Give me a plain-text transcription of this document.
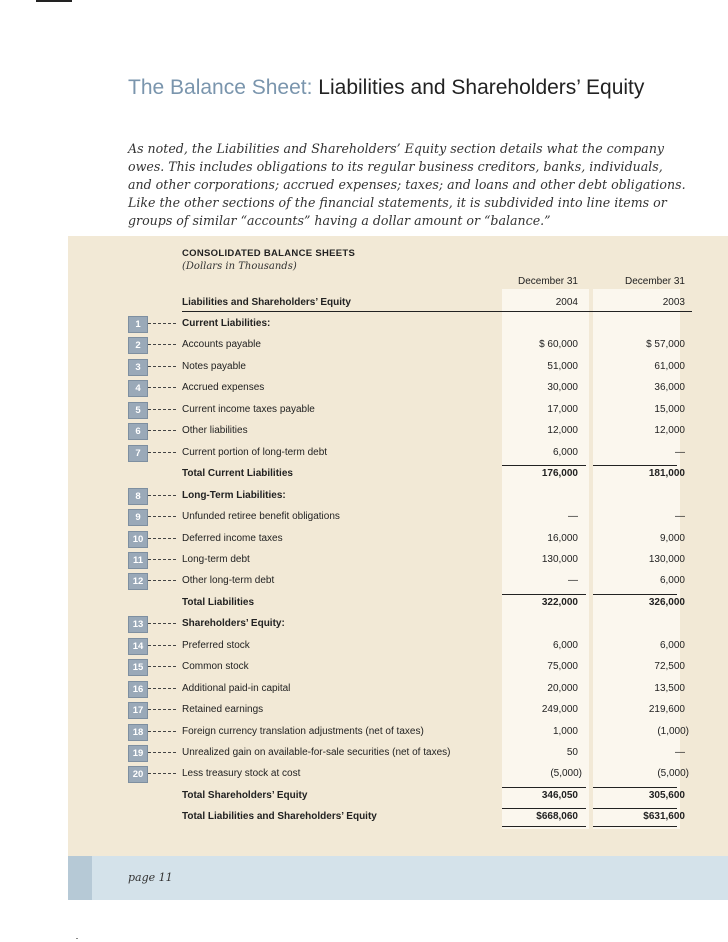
The Balance Sheet: Liabilities and Shareholders’ Equity
As noted, the Liabilities and Shareholders’ Equity section details what the company owes. This includes obligations to its regular business creditors, banks, individuals, and other corporations; accrued expenses; taxes; and loans and other debt obligations. Like the other sections of the financial statements, it is subdivided into line items or groups of similar “accounts” having a dollar amount or “balance.”
CONSOLIDATED BALANCE SHEETS
(Dollars in Thousands)
December 31	December 31
Liabilities and Shareholders’ Equity	2004	2003
1	Current Liabilities:
2	Accounts payable	$ 60,000	$ 57,000
3	Notes payable	51,000	61,000
4	Accrued expenses	30,000	36,000
5	Current income taxes payable	17,000	15,000
6	Other liabilities	12,000	12,000
7	Current portion of long-term debt	6,000	—
Total Current Liabilities	176,000	181,000
8	Long-Term Liabilities:
9	Unfunded retiree benefit obligations	—	—
10	Deferred income taxes	16,000	9,000
11	Long-term debt	130,000	130,000
12	Other long-term debt	—	6,000
Total Liabilities	322,000	326,000
13	Shareholders’ Equity:
14	Preferred stock	6,000	6,000
15	Common stock	75,000	72,500
16	Additional paid-in capital	20,000	13,500
17	Retained earnings	249,000	219,600
18	Foreign currency translation adjustments (net of taxes)	1,000	(1,000)
19	Unrealized gain on available-for-sale securities (net of taxes)	50	—
20	Less treasury stock at cost	(5,000)	(5,000)
Total Shareholders’ Equity	346,050	305,600
Total Liabilities and Shareholders’ Equity	$668,060	$631,600
page 11
